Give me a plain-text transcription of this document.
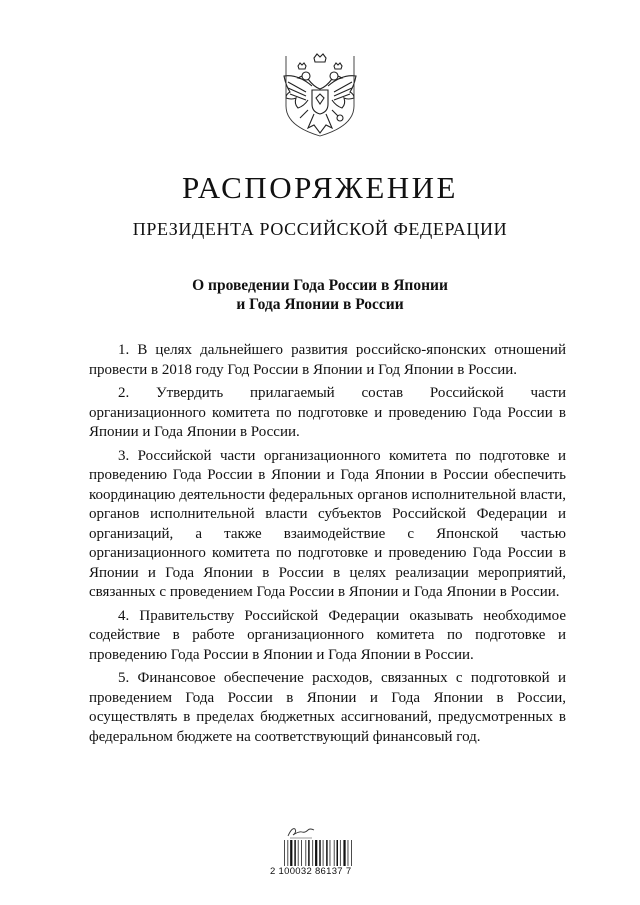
РАСПОРЯЖЕНИЕ
ПРЕЗИДЕНТА РОССИЙСКОЙ ФЕДЕРАЦИИ
О проведении Года России в Японии
и Года Японии в России

1. В целях дальнейшего развития российско-японских отношений провести в 2018 году Год России в Японии и Год Японии в России.

2. Утвердить прилагаемый состав Российской части организационного комитета по подготовке и проведению Года России в Японии и Года Японии в России.

3. Российской части организационного комитета по подготовке и проведению Года России в Японии и Года Японии в России обеспечить координацию деятельности федеральных органов исполнительной власти, органов исполнительной власти субъектов Российской Федерации и организаций, а также взаимодействие с Японской частью организационного комитета по подготовке и проведению Года России в Японии и Года Японии в России в целях реализации мероприятий, связанных с проведением Года России в Японии и Года Японии в России.

4. Правительству Российской Федерации оказывать необходимое содействие в работе организационного комитета по подготовке и проведению Года России в Японии и Года Японии в России.

5. Финансовое обеспечение расходов, связанных с подготовкой и проведением Года России в Японии и Года Японии в России, осуществлять в пределах бюджетных ассигнований, предусмотренных в федеральном бюджете на соответствующий финансовый год.

2 100032 86137 7
